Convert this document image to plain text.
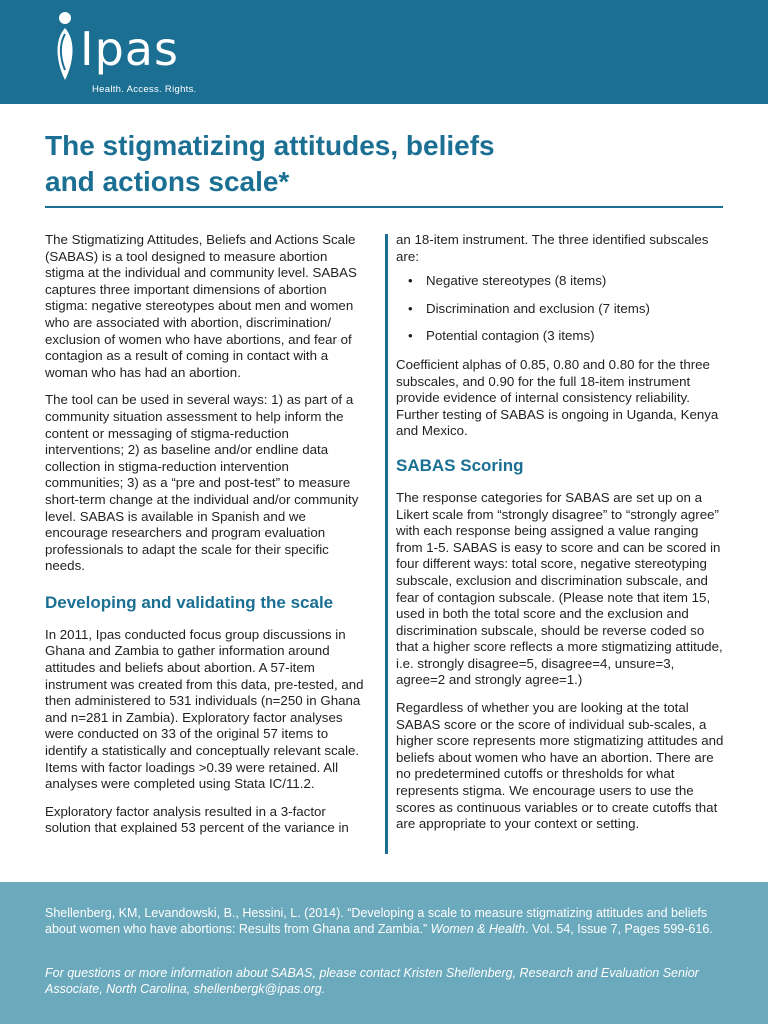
Ipas
Health. Access. Rights.
The stigmatizing attitudes, beliefs
and actions scale*

The Stigmatizing Attitudes, Beliefs and Actions Scale (SABAS) is a tool designed to measure abortion stigma at the individual and community level. SABAS captures three important dimensions of abortion stigma: negative stereotypes about men and women who are associated with abortion, discrimination/ exclusion of women who have abortions, and fear of contagion as a result of coming in contact with a woman who has had an abortion.

The tool can be used in several ways: 1) as part of a community situation assessment to help inform the content or messaging of stigma-reduction interventions; 2) as baseline and/or endline data collection in stigma-reduction intervention communities; 3) as a “pre and post-test” to measure short-term change at the individual and/or community level. SABAS is available in Spanish and we encourage researchers and program evaluation professionals to adapt the scale for their specific needs.

Developing and validating the scale

In 2011, Ipas conducted focus group discussions in Ghana and Zambia to gather information around attitudes and beliefs about abortion. A 57-item instrument was created from this data, pre-tested, and then administered to 531 individuals (n=250 in Ghana and n=281 in Zambia). Exploratory factor analyses were conducted on 33 of the original 57 items to identify a statistically and conceptually relevant scale. Items with factor loadings >0.39 were retained. All analyses were completed using Stata IC/11.2.

Exploratory factor analysis resulted in a 3-factor solution that explained 53 percent of the variance in

an 18-item instrument. The three identified subscales are:

• Negative stereotypes (8 items)
• Discrimination and exclusion (7 items)
• Potential contagion (3 items)

Coefficient alphas of 0.85, 0.80 and 0.80 for the three subscales, and 0.90 for the full 18-item instrument provide evidence of internal consistency reliability. Further testing of SABAS is ongoing in Uganda, Kenya and Mexico.

SABAS Scoring

The response categories for SABAS are set up on a Likert scale from “strongly disagree” to “strongly agree” with each response being assigned a value ranging from 1-5. SABAS is easy to score and can be scored in four different ways: total score, negative stereotyping subscale, exclusion and discrimination subscale, and fear of contagion subscale. (Please note that item 15, used in both the total score and the exclusion and discrimination subscale, should be reverse coded so that a higher score reflects a more stigmatizing attitude, i.e. strongly disagree=5, disagree=4, unsure=3, agree=2 and strongly agree=1.)

Regardless of whether you are looking at the total SABAS score or the score of individual sub-scales, a higher score represents more stigmatizing attitudes and beliefs about women who have an abortion. There are no predetermined cutoffs or thresholds for what represents stigma. We encourage users to use the scores as continuous variables or to create cutoffs that are appropriate to your context or setting.

Shellenberg, KM, Levandowski, B., Hessini, L. (2014). “Developing a scale to measure stigmatizing attitudes and beliefs about women who have abortions: Results from Ghana and Zambia.” Women & Health. Vol. 54, Issue 7, Pages 599-616.

For questions or more information about SABAS, please contact Kristen Shellenberg, Research and Evaluation Senior Associate, North Carolina, shellenbergk@ipas.org.
